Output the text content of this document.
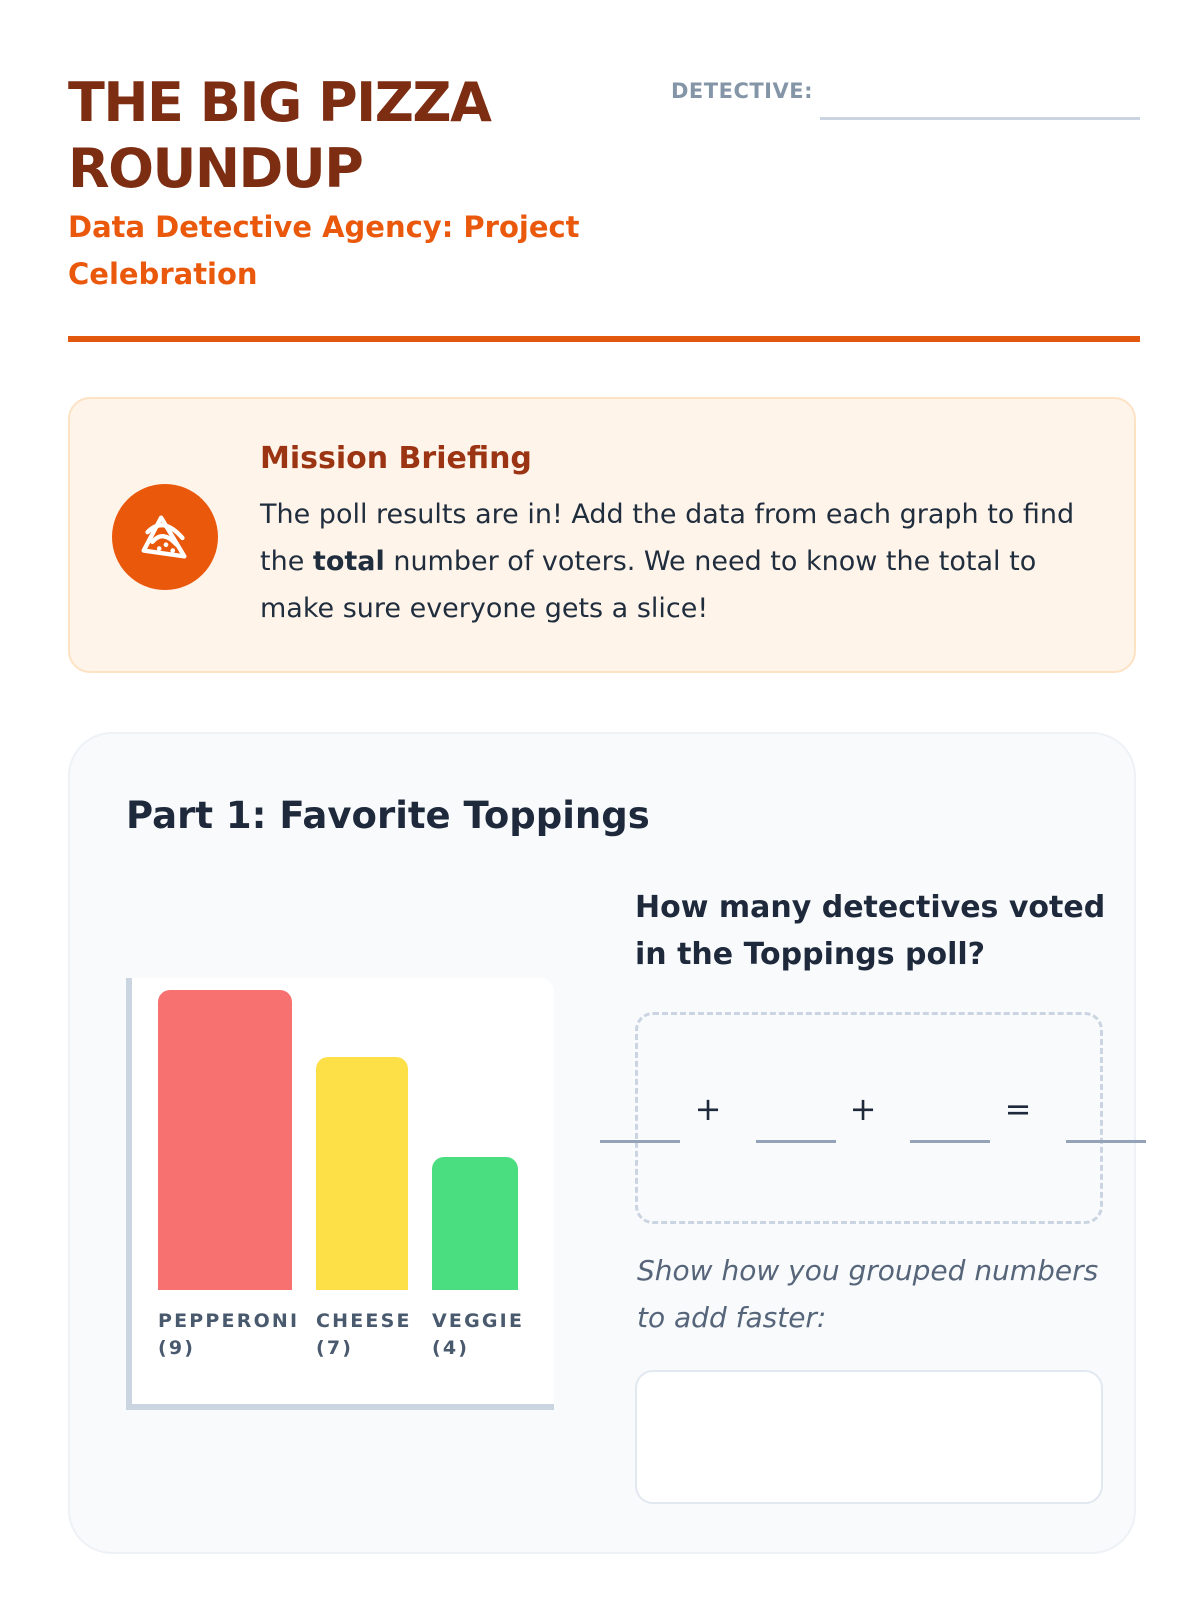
THE BIG PIZZA ROUNDUP

Data Detective Agency: Project Celebration

DETECTIVE:
Mission Briefing

The poll results are in! Add the data from each graph to find the total number of voters. We need to know the total to make sure everyone gets a slice!

Part 1: Favorite Toppings
PEPPERONI
(9)
CHEESE
(7)
VEGGIE
(4)

How many detectives voted in the Toppings poll?

+	+	=

Show how you grouped numbers to add faster:
